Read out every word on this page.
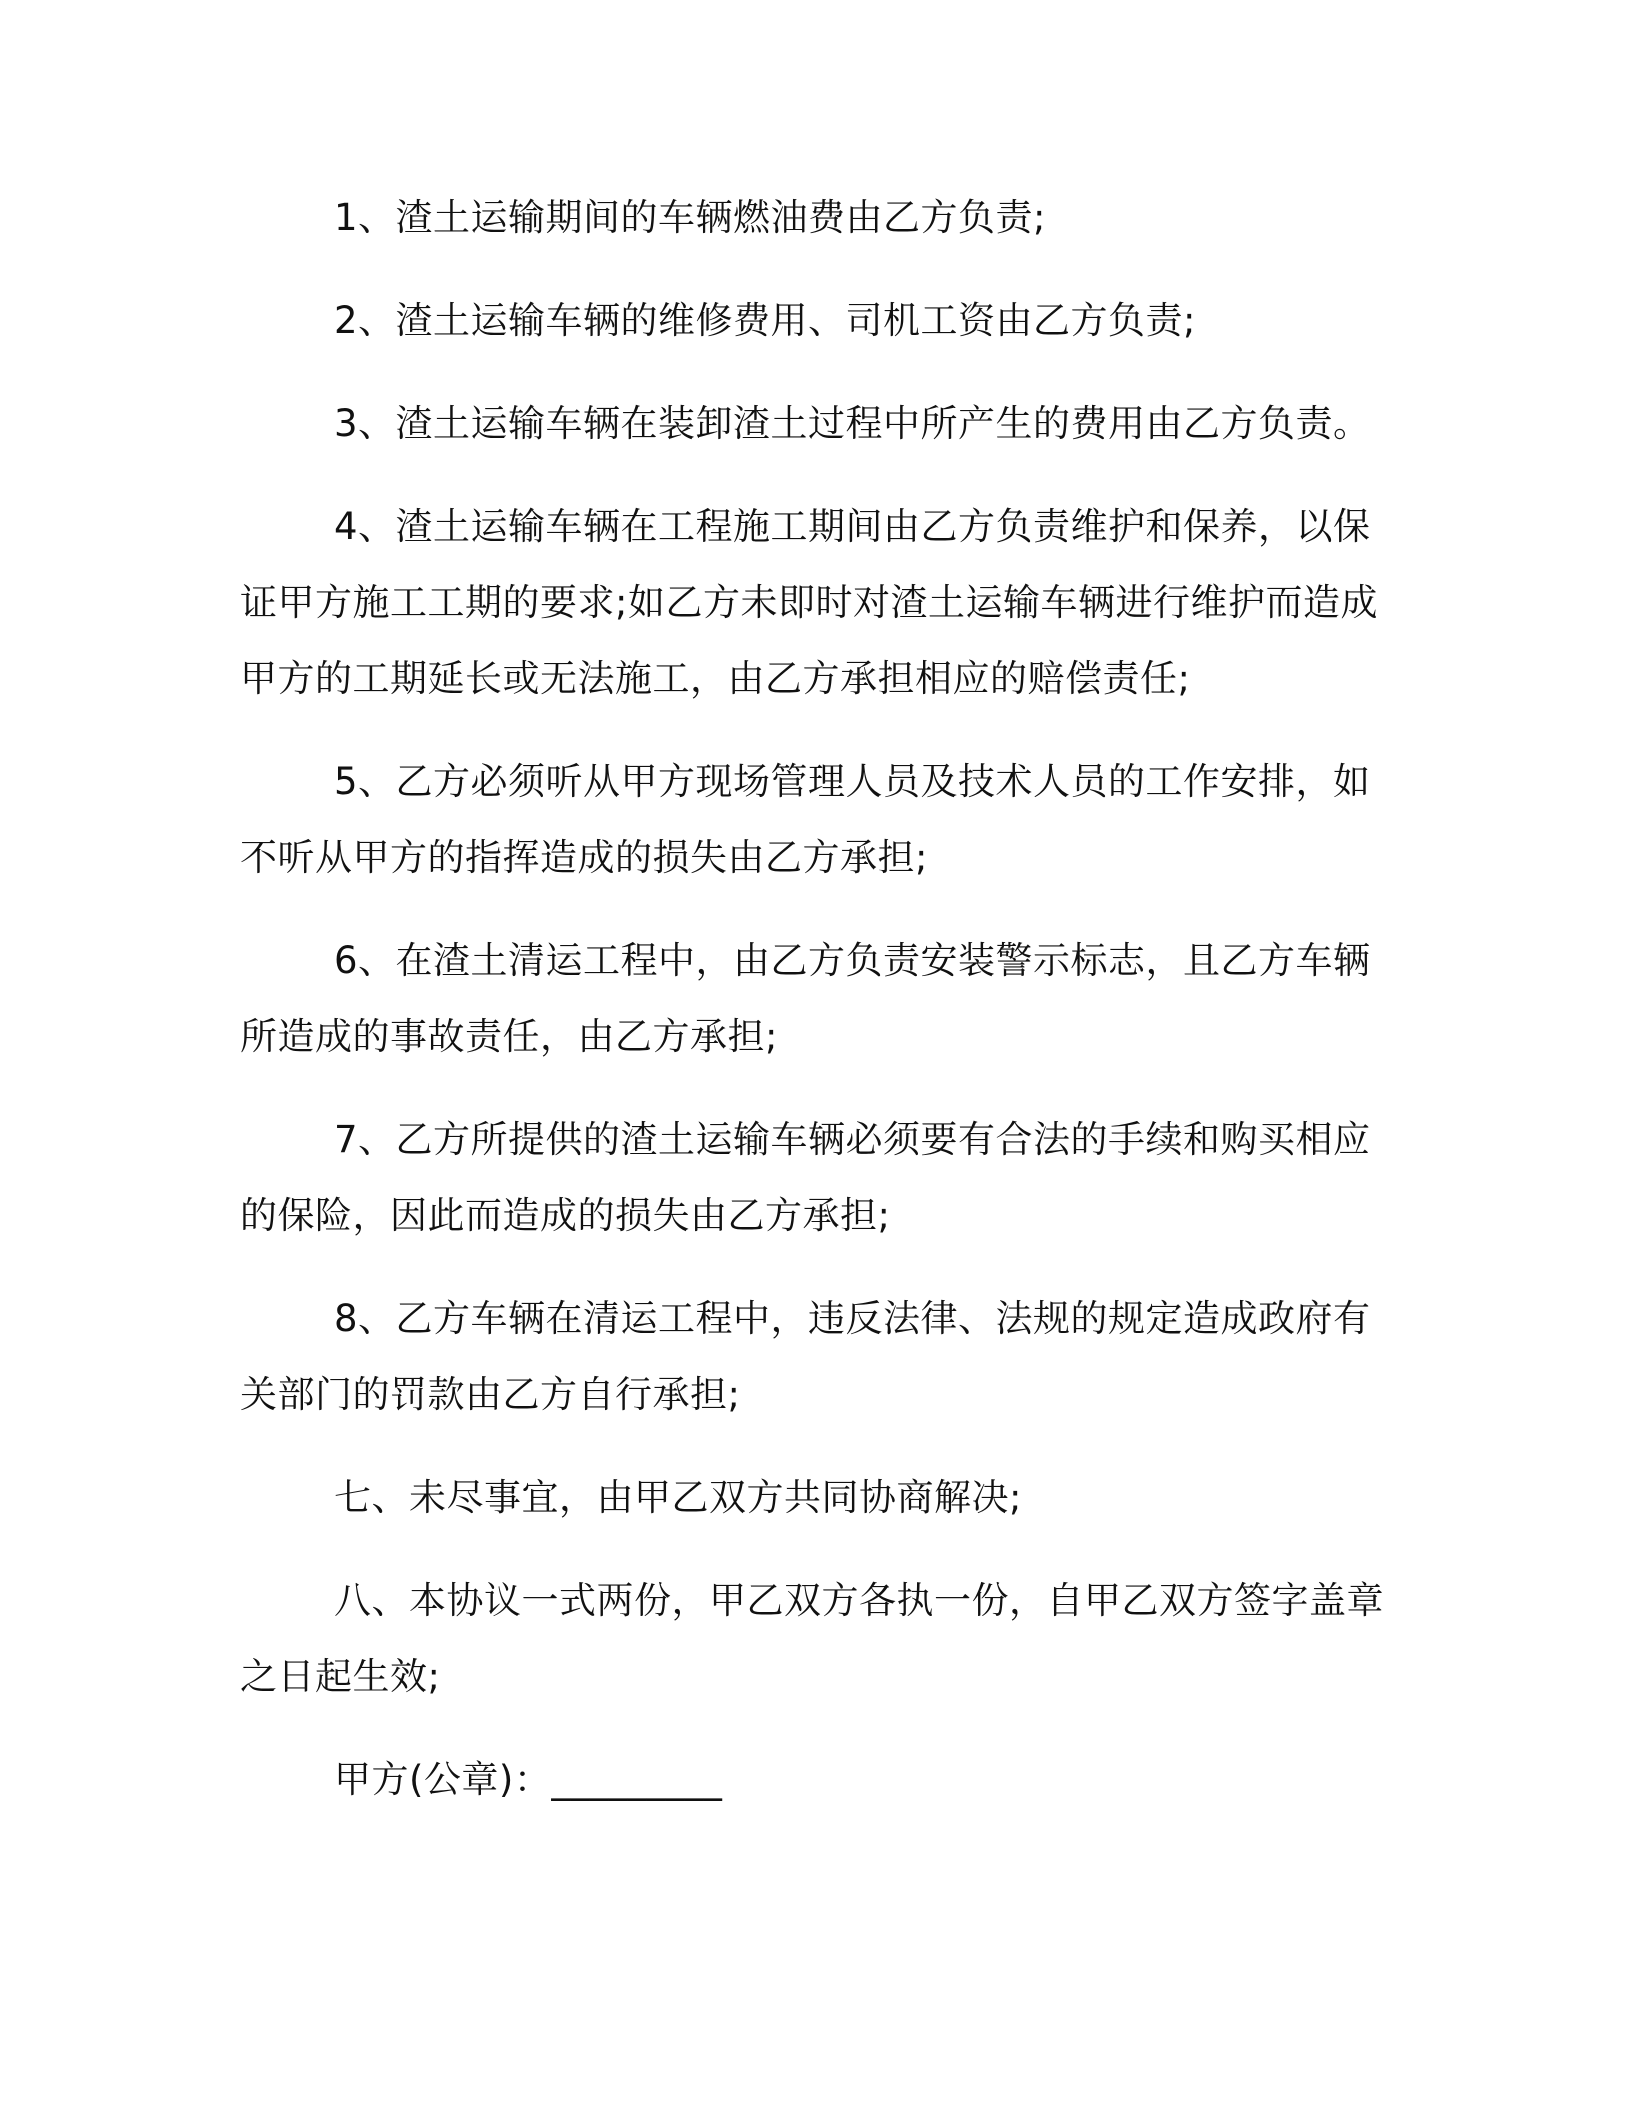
1、渣土运输期间的车辆燃油费由乙方负责;
2、渣土运输车辆的维修费用、司机工资由乙方负责;
3、渣土运输车辆在装卸渣土过程中所产生的费用由乙方负责。
4、渣土运输车辆在工程施工期间由乙方负责维护和保养，以保
证甲方施工工期的要求;如乙方未即时对渣土运输车辆进行维护而造成
甲方的工期延长或无法施工，由乙方承担相应的赔偿责任;
5、乙方必须听从甲方现场管理人员及技术人员的工作安排，如
不听从甲方的指挥造成的损失由乙方承担;
6、在渣土清运工程中，由乙方负责安装警示标志，且乙方车辆
所造成的事故责任，由乙方承担;
7、乙方所提供的渣土运输车辆必须要有合法的手续和购买相应
的保险，因此而造成的损失由乙方承担;
8、乙方车辆在清运工程中，违反法律、法规的规定造成政府有
关部门的罚款由乙方自行承担;
七、未尽事宜，由甲乙双方共同协商解决;
八、本协议一式两份，甲乙双方各执一份，自甲乙双方签字盖章
之日起生效;
甲方(公章)：_________
